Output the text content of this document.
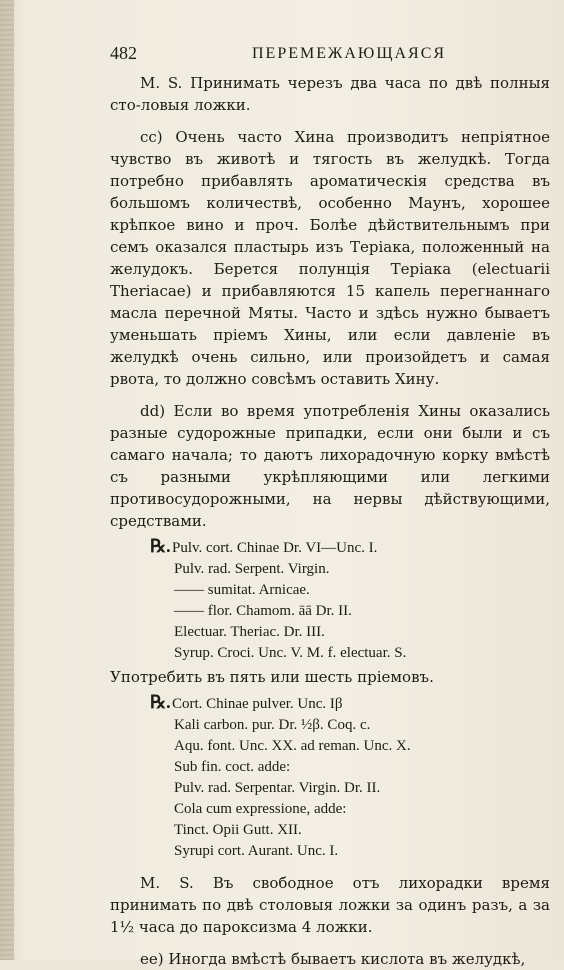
482	ПЕРЕМЕЖАЮЩАЯСЯ

M. S. Принимать черезъ два часа по двѣ полныя сто-ловыя ложки.

cc) Очень часто Хина производитъ непріятное чувство въ животѣ и тягость въ желудкѣ. Тогда потребно прибавлять ароматическія средства въ большомъ количествѣ, особенно Маунъ, хорошее крѣпкое вино и проч. Болѣе дѣйствительнымъ при семъ оказался пластырь изъ Теріака, положенный на желудокъ. Берется полунція Теріака (electuarii Theriacae) и прибавляются 15 капель перегнаннаго масла перечной Мяты. Часто и здѣсь нужно бываетъ уменьшать пріемъ Хины, или если давленіе въ желудкѣ очень сильно, или произойдетъ и самая рвота, то должно совсѣмъ оставить Хину.

dd) Если во время употребленія Хины оказались разные судорожные припадки, если они были и съ самаго начала; то даютъ лихорадочную корку вмѣстѣ съ разными укрѣпляющими или легкими противосудорожными, на нервы дѣйствующими, средствами.

℞.Pulv. cort. Chinae Dr. VI—Unc. I.

Pulv. rad. Serpent. Virgin.

—— sumitat. Arnicae.

—— flor. Chamom. āā Dr. II.

Electuar. Theriac. Dr. III.

Syrup. Croci. Unc. V. M. f. electuar. S.

Употребить въ пять или шесть пріемовъ.

℞.Cort. Chinae pulver. Unc. Iβ

Kali carbon. pur. Dr. ½β. Coq. c.

Aqu. font. Unc. XX. ad reman. Unc. X.

Sub fin. coct. adde:

Pulv. rad. Serpentar. Virgin. Dr. II.

Cola cum expressione, adde:

Tinct. Opii Gutt. XII.

Syrupi cort. Aurant. Unc. I.

M. S. Въ свободное отъ лихорадки время принимать по двѣ столовыя ложки за одинъ разъ, а за 1½ часа до пароксизма 4 ложки.

ee) Иногда вмѣстѣ бываетъ кислота въ желудкѣ,
